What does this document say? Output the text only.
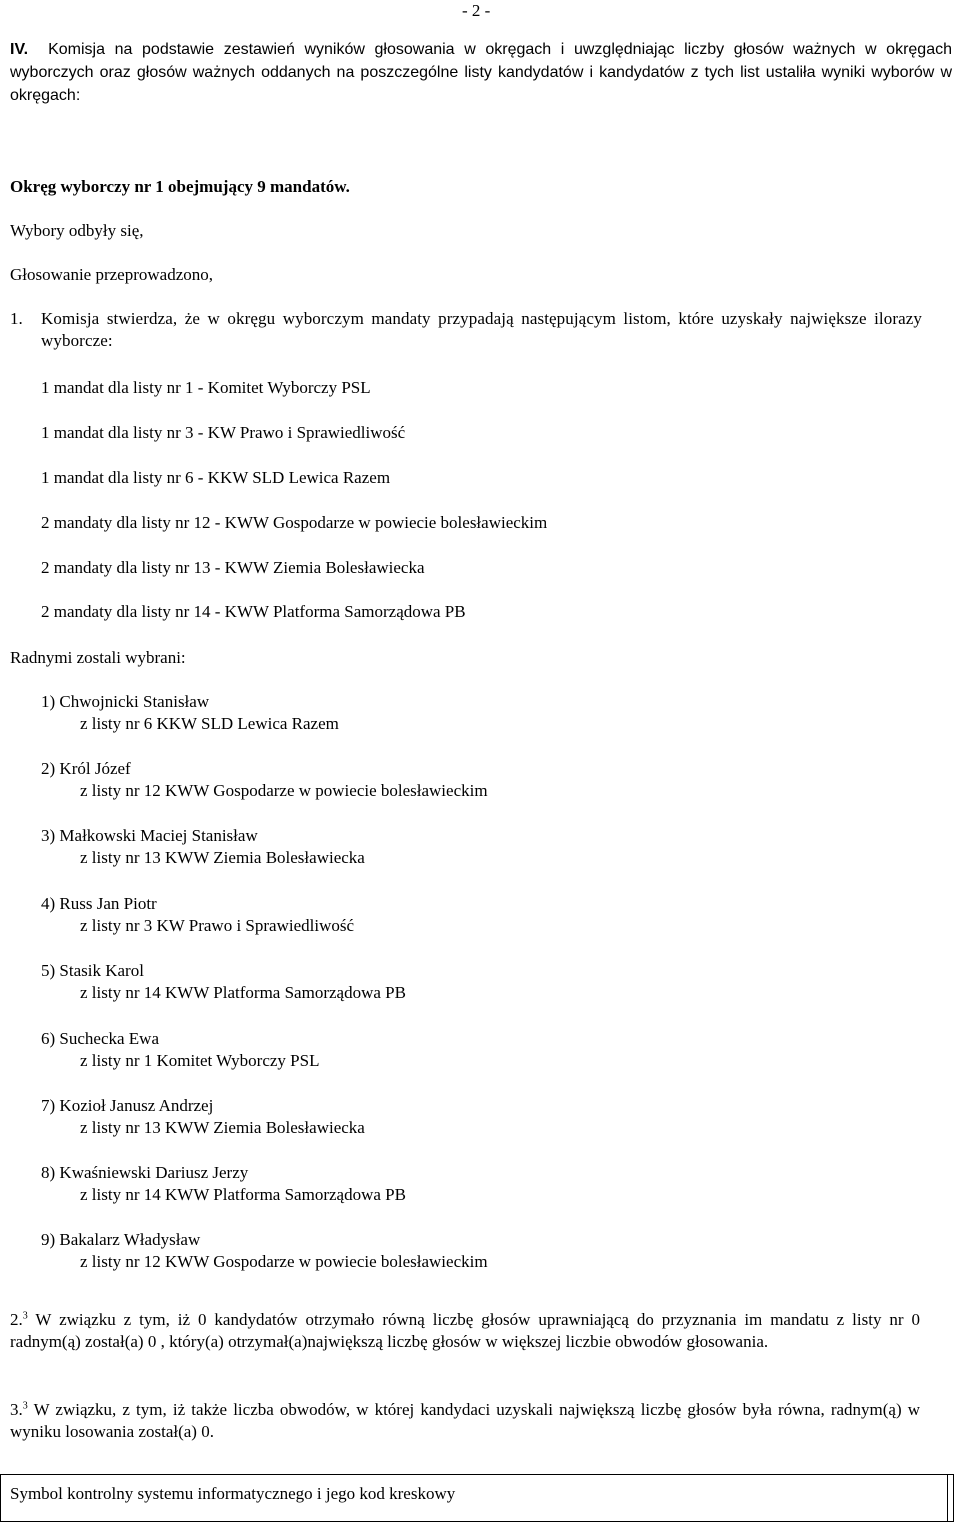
- 2 -
IV. Komisja na podstawie zestawień wyników głosowania w okręgach i uwzględniając liczby głosów ważnych w okręgach wyborczych oraz głosów ważnych oddanych na poszczególne listy kandydatów i kandydatów z tych list ustaliła wyniki wyborów w okręgach:
Okręg wyborczy nr 1 obejmujący 9 mandatów.
Wybory odbyły się,
Głosowanie przeprowadzono,
1. Komisja stwierdza, że w okręgu wyborczym mandaty przypadają następującym listom, które uzyskały największe ilorazy wyborcze:
1 mandat dla listy nr 1 - Komitet Wyborczy PSL
1 mandat dla listy nr 3 - KW Prawo i Sprawiedliwość
1 mandat dla listy nr 6 - KKW SLD Lewica Razem
2 mandaty dla listy nr 12 - KWW Gospodarze w powiecie bolesławieckim
2 mandaty dla listy nr 13 - KWW Ziemia Bolesławiecka
2 mandaty dla listy nr 14 - KWW Platforma Samorządowa PB
Radnymi zostali wybrani:
1) Chwojnicki Stanisław
z listy nr 6 KKW SLD Lewica Razem
2) Król Józef
z listy nr 12 KWW Gospodarze w powiecie bolesławieckim
3) Małkowski Maciej Stanisław
z listy nr 13 KWW Ziemia Bolesławiecka
4) Russ Jan Piotr
z listy nr 3 KW Prawo i Sprawiedliwość
5) Stasik Karol
z listy nr 14 KWW Platforma Samorządowa PB
6) Suchecka Ewa
z listy nr 1 Komitet Wyborczy PSL
7) Kozioł Janusz Andrzej
z listy nr 13 KWW Ziemia Bolesławiecka
8) Kwaśniewski Dariusz Jerzy
z listy nr 14 KWW Platforma Samorządowa PB
9) Bakalarz Władysław
z listy nr 12 KWW Gospodarze w powiecie bolesławieckim
2.$^3$ W związku z tym, iż 0 kandydatów otrzymało równą liczbę głosów uprawniającą do przyznania im mandatu z listy nr 0 radnym(ą) został(a) 0 , który(a) otrzymał(a)największą liczbę głosów w większej liczbie obwodów głosowania.
3.$^3$ W związku, z tym, iż także liczba obwodów, w której kandydaci uzyskali największą liczbę głosów była równa, radnym(ą) w wyniku losowania został(a) 0.
Symbol kontrolny systemu informatycznego i jego kod kreskowy
